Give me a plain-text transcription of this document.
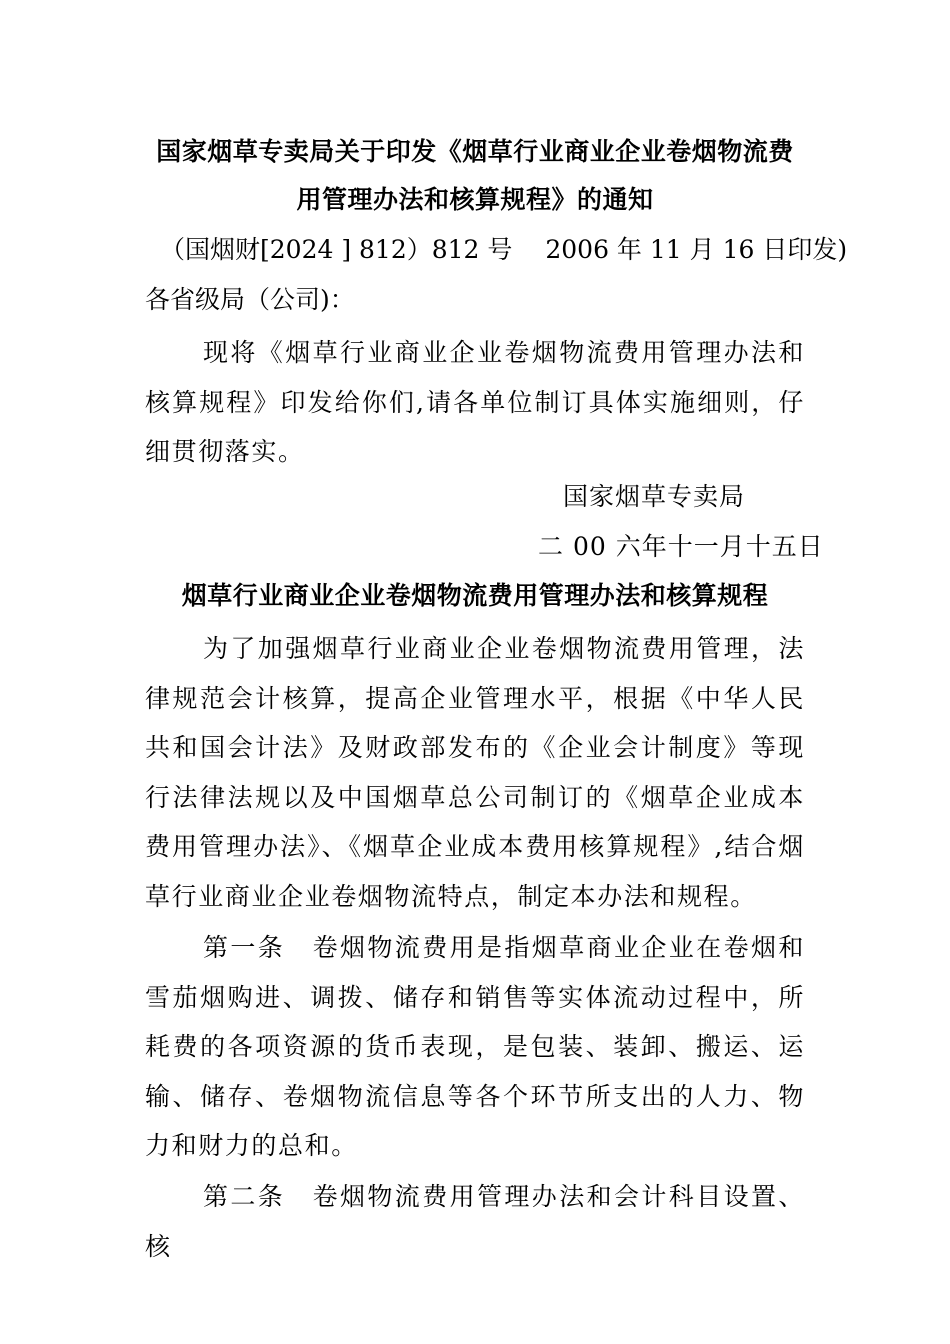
国家烟草专卖局关于印发《烟草行业商业企业卷烟物流费
用管理办法和核算规程》的通知
（国烟财[2024 ] 812）812 号　 2006 年 11 月 16 日印发)
各省级局（公司)：

现将《烟草行业商业企业卷烟物流费用管理办法和核算规程》印发给你们,请各单位制订具体实施细则，仔细贯彻落实。

国家烟草专卖局
二 00 六年十一月十五日
烟草行业商业企业卷烟物流费用管理办法和核算规程

为了加强烟草行业商业企业卷烟物流费用管理，法律规范会计核算，提高企业管理水平，根据《中华人民共和国会计法》及财政部发布的《企业会计制度》等现行法律法规以及中国烟草总公司制订的《烟草企业成本费用管理办法》、《烟草企业成本费用核算规程》,结合烟草行业商业企业卷烟物流特点，制定本办法和规程。

第一条　卷烟物流费用是指烟草商业企业在卷烟和雪茄烟购进、调拨、储存和销售等实体流动过程中，所耗费的各项资源的货币表现，是包装、装卸、搬运、运输、储存、卷烟物流信息等各个环节所支出的人力、物力和财力的总和。

第二条　卷烟物流费用管理办法和会计科目设置、核
